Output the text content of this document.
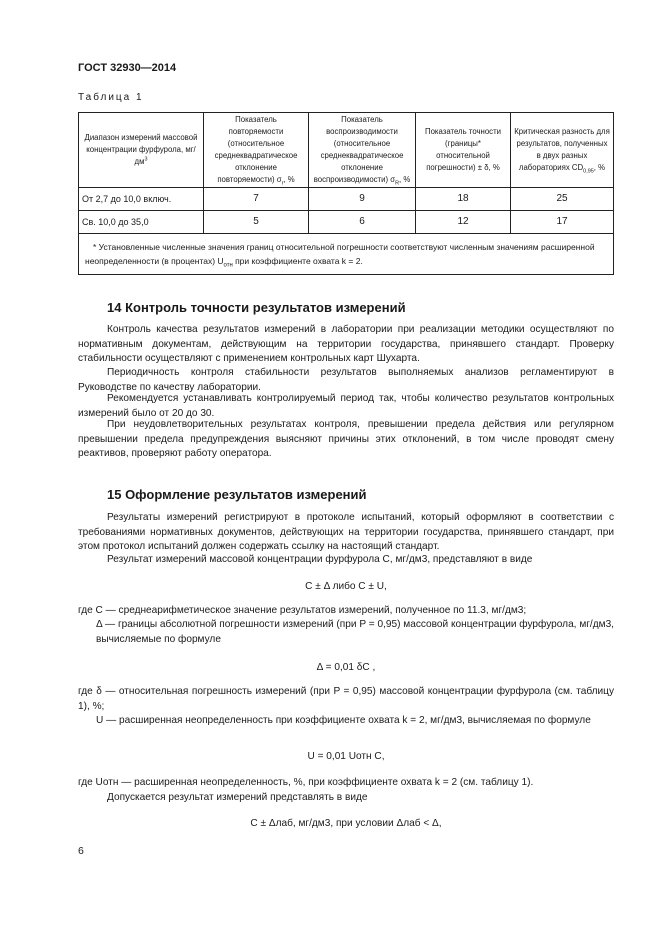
ГОСТ 32930—2014
Таблица 1
Диапазон измерений массовой концентрации фурфурола, $мг/дм^3$	Показатель повторяемости (относительное среднеквадратическое отклонение повторяемости) $\sigma_r$, %	Показатель воспроизводимости (относительное среднеквадратическое отклонение воспроизводимости) $\sigma_R$, %	Показатель точности (границы* относительной погрешности) ± δ, %	Критическая разность для результатов, полученных в двух разных лабораториях $CD_{0,95}$, %
От 2,7 до 10,0 включ.	7	9	18	25
Св. 10,0 до 35,0	5	6	12	17
* Установленные численные значения границ относительной погрешности соответствуют численным значениям расширенной неопределенности (в процентах) $U_{отн}$ при коэффициенте охвата k = 2.				
14 Контроль точности результатов измерений
Контроль качества результатов измерений в лаборатории при реализации методики осуществляют по нормативным документам, действующим на территории государства, принявшего стандарт. Проверку стабильности осуществляют с применением контрольных карт Шухарта.
Периодичность контроля стабильности результатов выполняемых анализов регламентируют в Руководстве по качеству лаборатории.
Рекомендуется устанавливать контролируемый период так, чтобы количество результатов контрольных измерений было от 20 до 30.
При неудовлетворительных результатах контроля, превышении предела действия или регулярном превышении предела предупреждения выясняют причины этих отклонений, в том числе проводят смену реактивов, проверяют работу оператора.
15 Оформление результатов измерений
Результаты измерений регистрируют в протоколе испытаний, который оформляют в соответствии с требованиями нормативных документов, действующих на территории государства, принявшего стандарт, при этом протокол испытаний должен содержать ссылку на настоящий стандарт.
Результат измерений массовой концентрации фурфурола C, мг/дм3, представляют в виде
C ± Δ либо C ± U,
где C — среднеарифметическое значение результатов измерений, полученное по 11.3, мг/дм3;
Δ — границы абсолютной погрешности измерений (при P = 0,95) массовой концентрации фурфурола, мг/дм3, вычисляемые по формуле
Δ = 0,01 δC ,
где δ — относительная погрешность измерений (при P = 0,95) массовой концентрации фурфурола (см. таблицу 1), %;
U — расширенная неопределенность при коэффициенте охвата k = 2, мг/дм3, вычисляемая по формуле
U = 0,01 Uотн C,
где Uотн — расширенная неопределенность, %, при коэффициенте охвата k = 2 (см. таблицу 1).
Допускается результат измерений представлять в виде
C ± Δлаб, мг/дм3, при условии Δлаб < Δ,
6
